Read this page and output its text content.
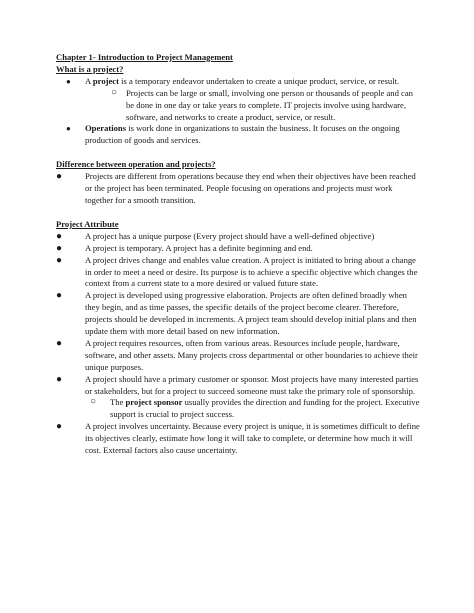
Chapter 1- Introduction to Project Management
What is a project?
● A project is a temporary endeavor undertaken to create a unique product, service, or result.
○ Projects can be large or small, involving one person or thousands of people and can be done in one day or take years to complete. IT projects involve using hardware, software, and networks to create a product, service, or result.
● Operations is work done in organizations to sustain the business. It focuses on the ongoing production of goods and services.
Difference between operation and projects?
●	Projects are different from operations because they end when their objectives have been reached or the project has been terminated. People focusing on operations and projects must work together for a smooth transition.
Project Attribute
●	A project has a unique purpose (Every project should have a well-defined objective)
●	A project is temporary. A project has a definite beginning and end.
●	A project drives change and enables value creation. A project is initiated to bring about a change in order to meet a need or desire. Its purpose is to achieve a specific objective which changes the context from a current state to a more desired or valued future state.
●	A project is developed using progressive elaboration. Projects are often defined broadly when they begin, and as time passes, the specific details of the project become clearer. Therefore, projects should be developed in increments. A project team should develop initial plans and then update them with more detail based on new information.
●	A project requires resources, often from various areas. Resources include people, hardware, software, and other assets. Many projects cross departmental or other boundaries to achieve their unique purposes.
●	A project should have a primary customer or sponsor. Most projects have many interested parties or stakeholders, but for a project to succeed someone must take the primary role of sponsorship.
○ The project sponsor usually provides the direction and funding for the project. Executive support is crucial to project success.
●	A project involves uncertainty. Because every project is unique, it is sometimes difficult to define its objectives clearly, estimate how long it will take to complete, or determine how much it will cost. External factors also cause uncertainty.
